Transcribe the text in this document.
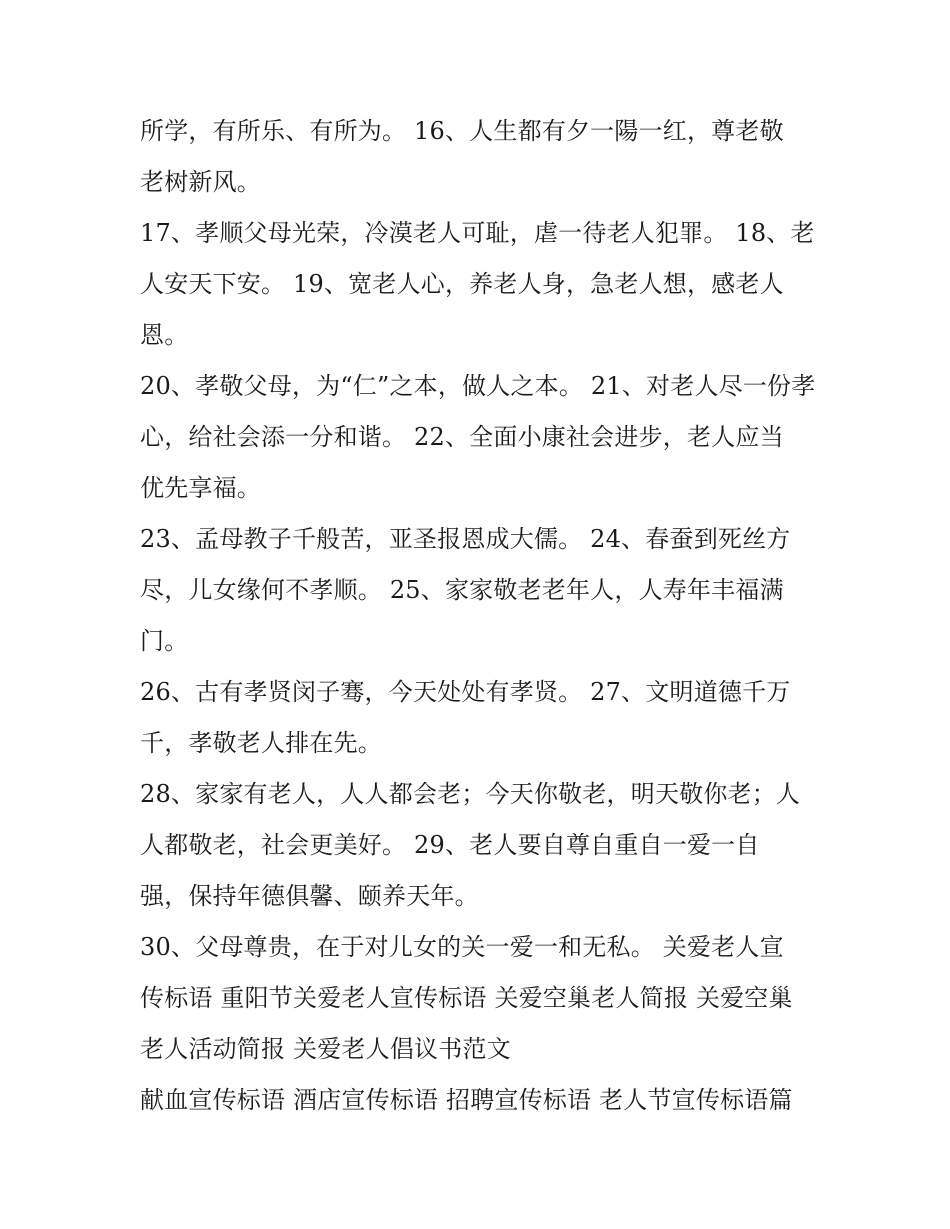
所学，有所乐、有所为。 16、人生都有夕一陽一红，尊老敬
老树新风。
17、孝顺父母光荣，冷漠老人可耻，虐一待老人犯罪。 18、老
人安天下安。 19、宽老人心，养老人身，急老人想，感老人
恩。
20、孝敬父母，为“仁”之本，做人之本。 21、对老人尽一份孝
心，给社会添一分和谐。 22、全面小康社会进步，老人应当
优先享福。
23、孟母教子千般苦，亚圣报恩成大儒。 24、春蚕到死丝方
尽，儿女缘何不孝顺。 25、家家敬老老年人，人寿年丰福满
门。
26、古有孝贤闵子骞，今天处处有孝贤。 27、文明道德千万
千，孝敬老人排在先。
28、家家有老人，人人都会老；今天你敬老，明天敬你老；人
人都敬老，社会更美好。 29、老人要自尊自重自一爱一自
强，保持年德俱馨、颐养天年。
30、父母尊贵，在于对儿女的关一爱一和无私。 关爱老人宣
传标语 重阳节关爱老人宣传标语 关爱空巢老人简报 关爱空巢
老人活动简报 关爱老人倡议书范文
献血宣传标语 酒店宣传标语 招聘宣传标语 老人节宣传标语篇
